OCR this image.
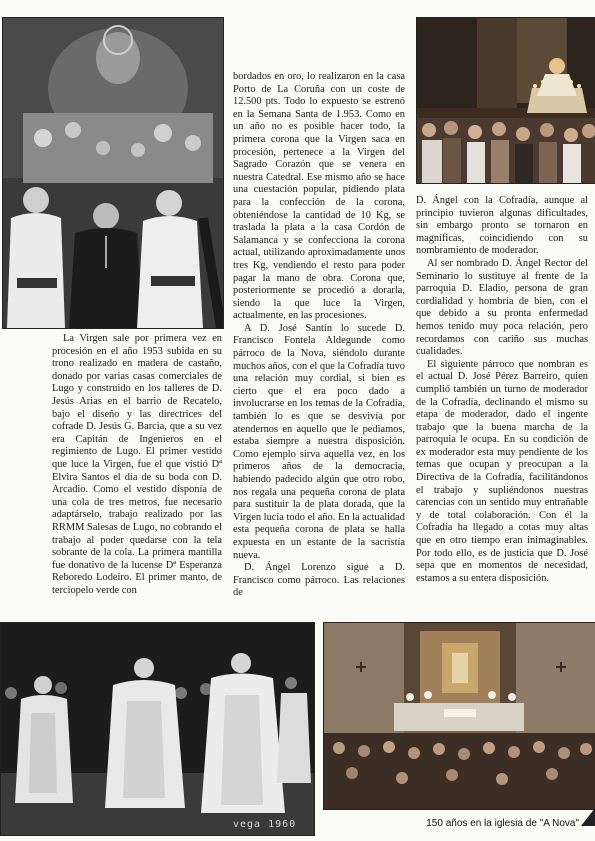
La Virgen sale por primera vez en procesión en el año 1953 subida en su trono realizado en madera de castaño, donado por varias casas comerciales de Lugo y construido en los talleres de D. Jesús Arias en el barrio de Recatelo, bajo el diseño y las directrices del cofrade D. Jesús G. Barcia, que a su vez era Capitán de Ingenieros en el regimiento de Lugo. El primer vestido que luce la Virgen, fue el que vistió Dª Elvira Santos el día de su boda con D. Arcadio. Como el vestido disponía de una cola de tres metros, fue necesario adaptárselo, trabajo realizado por las RRMM Salesas de Lugo, no cobrando el trabajo al poder quedarse con la tela sobrante de la cola. La primera mantilla fue donativo de la lucense Dª Esperanza Reboredo Lodeiro. El primer manto, de terciopelo verde con

bordados en oro, lo realizaron en la casa Porto de La Coruña con un coste de 12.500 pts. Todo lo expuesto se estrenó en la Semana Santa de 1.953. Como en un año no es posible hacer todo, la primera corona que la Virgen saca en procesión, pertenece a la Virgen del Sagrado Corazón que se venera en nuestra Catedral. Ese mismo año se hace una cuestación popular, pidiendo plata para la confección de la corona, obteniéndose la cantidad de 10 Kg, se traslada la plata a la casa Cordón de Salamanca y se confecciona la corona actual, utilizando aproximadamente unos tres Kg, vendiendo el resto para poder pagar la mano de obra. Corona que, posteriormente se procedió a dorarla, siendo la que luce la Virgen, actualmente, en las procesiones.

A D. José Santín lo sucede D. Francisco Fontela Aldegunde como párroco de la Nova, siéndolo durante muchos años, con el que la Cofradía tuvo una relación muy cordial, si bien es cierto que el era poco dado a involucrarse en los temas de la Cofradía, también lo es que se desvivía por atendernos en aquello que le pediamos, estaba siempre a nuestra disposición. Como ejemplo sirva aquella vez, en los primeros años de la democracia, habiendo padecido algún que otro robo, nos regala una pequeña corona de plata para sustituir la de plata dorada, que la Virgen lucía todo el año. En la actualidad esta pequeña corona de plata se halla expuesta en un estante de la sacristía nueva.

D. Ángel Lorenzo sigue a D. Francisco como párroco. Las relaciones de

D. Ángel con la Cofradía, aunque al principio tuvieron algunas dificultades, sin embargo pronto se tornaron en magníficas, coincidiendo con su nombramiento de moderador.

Al ser nombrado D. Ángel Rector del Seminario lo sustituye al frente de la parroquia D. Eladio, persona de gran cordialidad y hombría de bien, con el que debido a su pronta enfermedad hemos tenido muy poca relación, pero recordamos con cariño sus muchas cualidades.

El siguiente párroco que nombran es el actual D. José Pérez Barreiro, quien cumplió también un turno de moderador de la Cofradía, declinando el mismo su etapa de moderador, dado el ingente trabajo que la buena marcha de la parroquia le ocupa. En su condición de ex moderador esta muy pendiente de los temas que ocupan y preocupan a la Directiva de la Cofradía, facilitándonos el trabajo y supliéndonos nuestras carencias con un sentido muy entrañable y de total colaboración. Con él la Cofradía ha llegado a cotas muy altas que en otro tiempo eran inimaginables. Por todo ello, es de justicia que D. José sepa que en momentos de necesidad, estamos a su entera disposición.

vega 1960	150 años en la iglesia de "A Nova"
